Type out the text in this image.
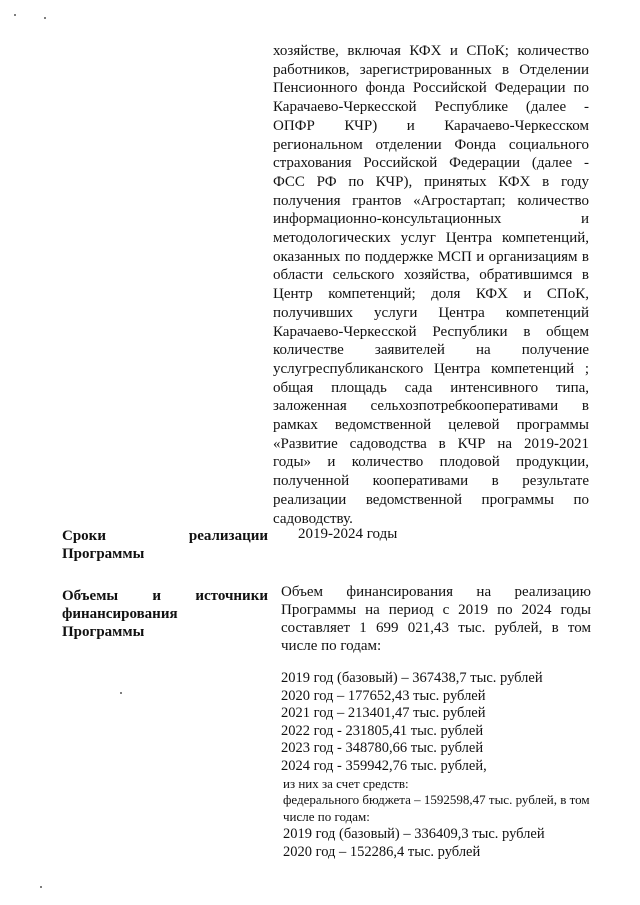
хозяйстве, включая КФХ и СПоК; количество работников, зарегистрированных в Отделении Пенсионного фонда Российской Федерации по Карачаево-Черкесской Республике (далее - ОПФР КЧР) и Карачаево-Черкесском региональном отделении Фонда социального страхования Российской Федерации (далее - ФСС РФ по КЧР), принятых КФХ в году получения грантов «Агростартап; количество информационно-консультационных и методологических услуг Центра компетенций, оказанных по поддержке МСП и организациям в области сельского хозяйства, обратившимся в Центр компетенций; доля КФХ и СПоК, получивших услуги Центра компетенций Карачаево-Черкесской Республики в общем количестве заявителей на получение услугреспубликанского Центра компетенций ; общая площадь сада интенсивного типа, заложенная сельхозпотребкооперативами в рамках ведомственной целевой программы «Развитие садоводства в КЧР на 2019-2021 годы» и количество плодовой продукции, полученной кооперативами в результате реализации ведомственной программы по садоводству.
Сроки реализации
Программы
2019-2024 годы
Объемы и источники
финансирования
Программы
Объем финансирования на реализацию Программы на период с 2019 по 2024 годы составляет 1 699 021,43 тыс. рублей, в том числе по годам:
2019 год (базовый) – 367438,7 тыс. рублей
2020 год – 177652,43 тыс. рублей
2021 год – 213401,47 тыс. рублей
2022 год - 231805,41 тыс. рублей
2023 год - 348780,66 тыс. рублей
2024 год - 359942,76 тыс. рублей,
из них за счет средств:
федерального бюджета – 1592598,47 тыс. рублей, в том числе по годам:
2019 год (базовый) – 336409,3 тыс. рублей
2020 год – 152286,4 тыс. рублей
